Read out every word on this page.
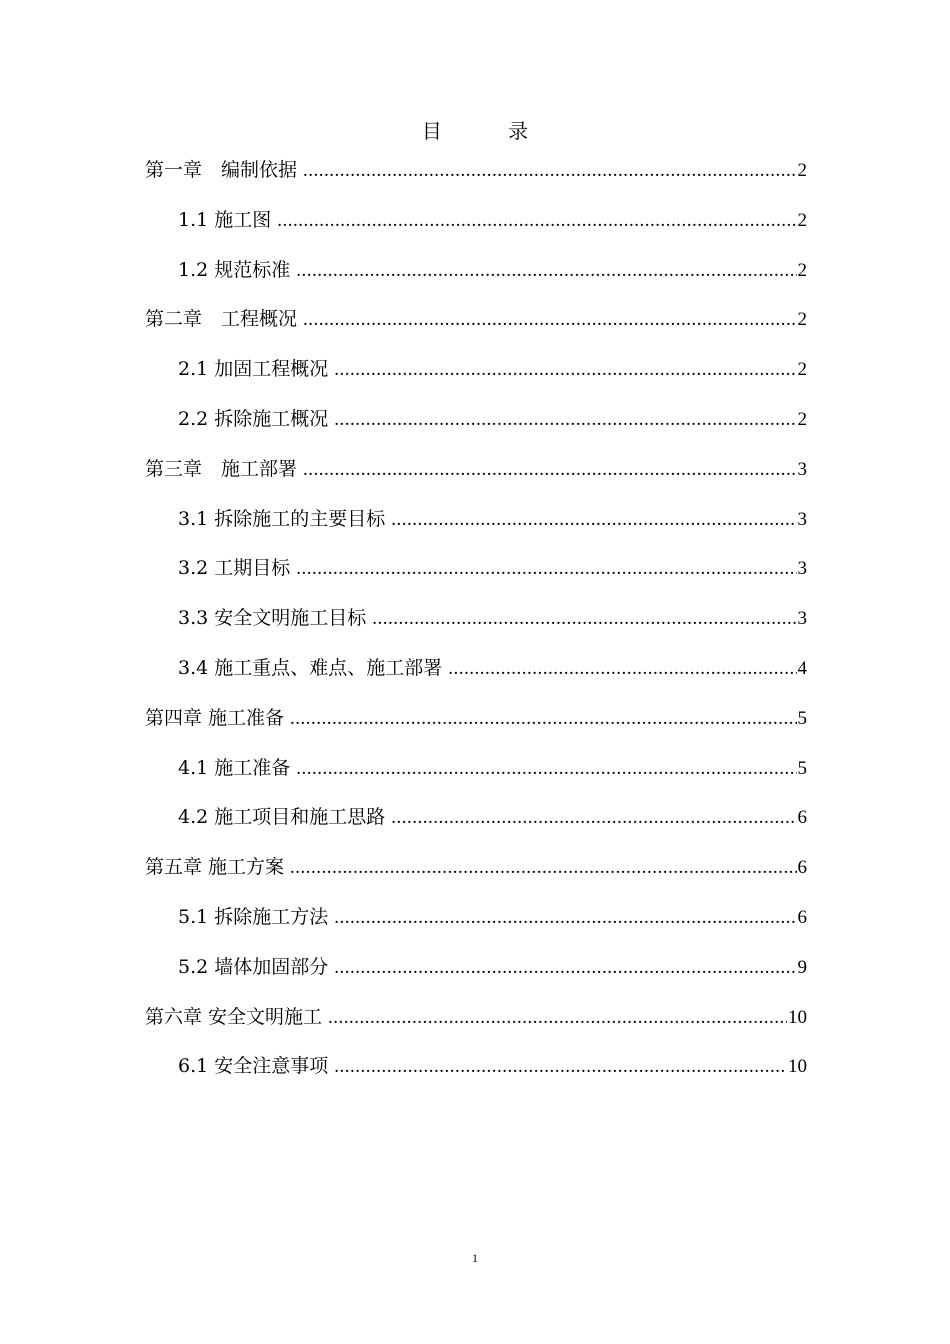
目 录
第一章　编制依据 .....	2
1.1 施工图 .....	2
1.2 规范标准 .....	2
第二章　工程概况 .....	2
2.1 加固工程概况 .....	2
2.2 拆除施工概况 .....	2
第三章　施工部署 .....	3
3.1 拆除施工的主要目标 .....	3
3.2 工期目标 .....	3
3.3 安全文明施工目标 .....	3
3.4 施工重点、难点、施工部署 .....	4
第四章 施工准备 .....	5
4.1 施工准备 .....	5
4.2 施工项目和施工思路 .....	6
第五章 施工方案 .....	6
5.1 拆除施工方法 .....	6
5.2 墙体加固部分 .....	9
第六章 安全文明施工 .....	10
6.1 安全注意事项 .....	10
1
